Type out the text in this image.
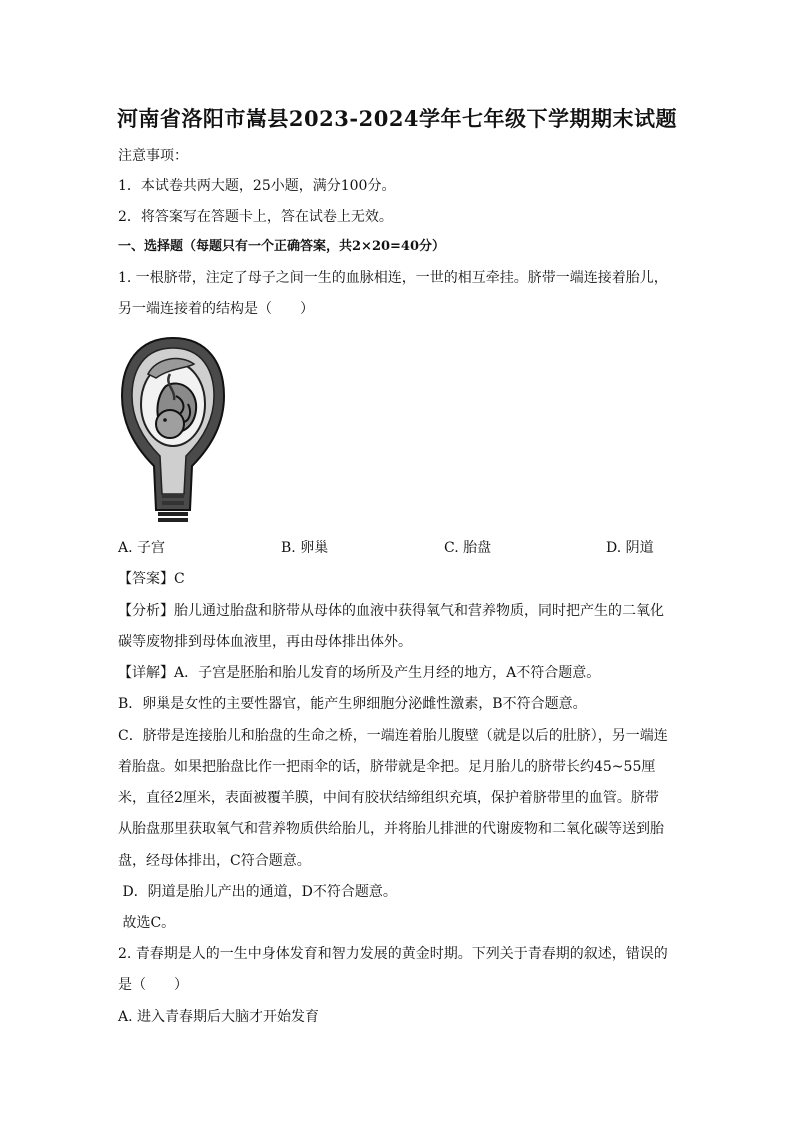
河南省洛阳市嵩县2023-2024学年七年级下学期期末试题
注意事项：
1．本试卷共两大题，25小题，满分100分。
2．将答案写在答题卡上，答在试卷上无效。
一、选择题（每题只有一个正确答案，共2×20=40分）
1. 一根脐带，注定了母子之间一生的血脉相连，一世的相互牵挂。脐带一端连接着胎儿，
另一端连接着的结构是（　　）
A. 子宫	B. 卵巢	C. 胎盘	D. 阴道
【答案】C
【分析】胎儿通过胎盘和脐带从母体的血液中获得氧气和营养物质，同时把产生的二氧化
碳等废物排到母体血液里，再由母体排出体外。
【详解】A．子宫是胚胎和胎儿发育的场所及产生月经的地方，A不符合题意。
B．卵巢是女性的主要性器官，能产生卵细胞分泌雌性激素，B不符合题意。
C．脐带是连接胎儿和胎盘的生命之桥，一端连着胎儿腹壁（就是以后的肚脐），另一端连
着胎盘。如果把胎盘比作一把雨伞的话，脐带就是伞把。足月胎儿的脐带长约45~55厘
米，直径2厘米，表面被覆羊膜，中间有胶状结缔组织充填，保护着脐带里的血管。脐带
从胎盘那里获取氧气和营养物质供给胎儿，并将胎儿排泄的代谢废物和二氧化碳等送到胎
盘，经母体排出，C符合题意。
D．阴道是胎儿产出的通道，D不符合题意。
故选C。
2. 青春期是人的一生中身体发育和智力发展的黄金时期。下列关于青春期的叙述，错误的
是（　　）
A. 进入青春期后大脑才开始发育
